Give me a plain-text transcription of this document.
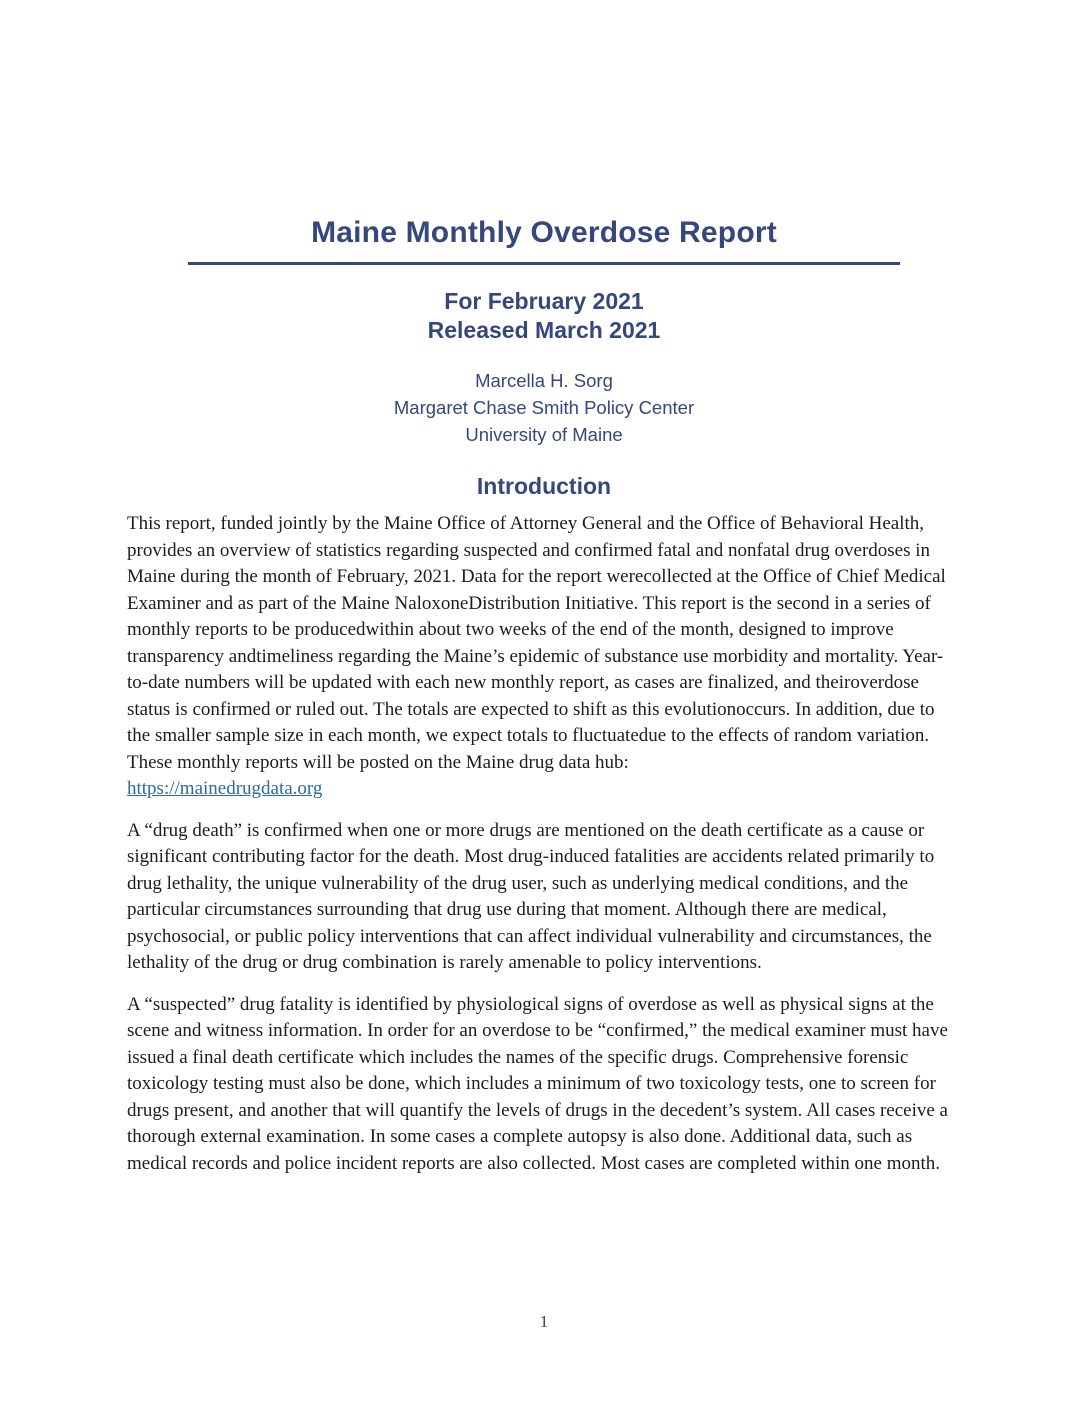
Maine Monthly Overdose Report
For February 2021
Released March 2021
Marcella H. Sorg
Margaret Chase Smith Policy Center
University of Maine
Introduction

This report, funded jointly by the Maine Office of Attorney General and the Office of Behavioral Health, provides an overview of statistics regarding suspected and confirmed fatal and nonfatal drug overdoses in Maine during the month of February, 2021. Data for the report werecollected at the Office of Chief Medical Examiner and as part of the Maine NaloxoneDistribution Initiative. This report is the second in a series of monthly reports to be producedwithin about two weeks of the end of the month, designed to improve transparency andtimeliness regarding the Maine’s epidemic of substance use morbidity and mortality. Year-to-date numbers will be updated with each new monthly report, as cases are finalized, and theiroverdose status is confirmed or ruled out. The totals are expected to shift as this evolutionoccurs. In addition, due to the smaller sample size in each month, we expect totals to fluctuatedue to the effects of random variation. These monthly reports will be posted on the Maine drug data hub:
https://mainedrugdata.org

A “drug death” is confirmed when one or more drugs are mentioned on the death certificate as a cause or significant contributing factor for the death. Most drug-induced fatalities are accidents related primarily to drug lethality, the unique vulnerability of the drug user, such as underlying medical conditions, and the particular circumstances surrounding that drug use during that moment. Although there are medical, psychosocial, or public policy interventions that can affect individual vulnerability and circumstances, the lethality of the drug or drug combination is rarely amenable to policy interventions.

A “suspected” drug fatality is identified by physiological signs of overdose as well as physical signs at the scene and witness information. In order for an overdose to be “confirmed,” the medical examiner must have issued a final death certificate which includes the names of the specific drugs. Comprehensive forensic toxicology testing must also be done, which includes a minimum of two toxicology tests, one to screen for drugs present, and another that will quantify the levels of drugs in the decedent’s system. All cases receive a thorough external examination. In some cases a complete autopsy is also done. Additional data, such as medical records and police incident reports are also collected. Most cases are completed within one month.

1
